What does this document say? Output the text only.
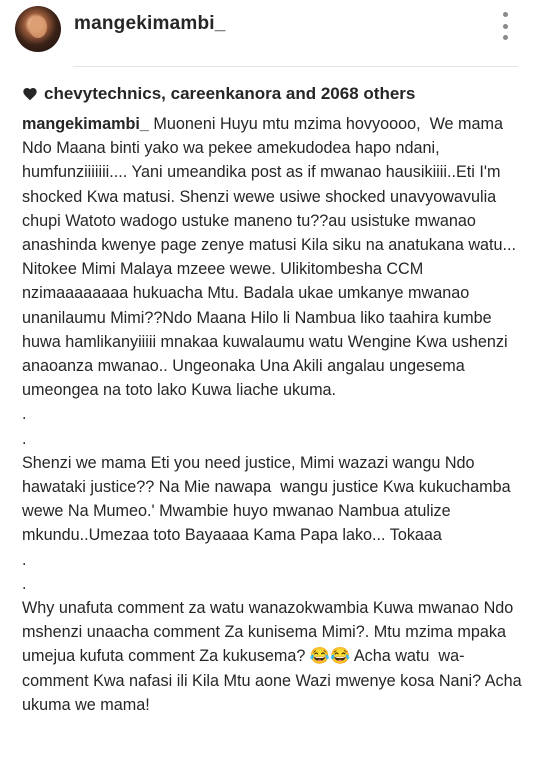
mangekimambi_
chevytechnics, careenkanora and 2068 others
mangekimambi_ Muoneni Huyu mtu mzima hovyoooo,  We mama Ndo Maana binti yako wa pekee amekudodea hapo ndani, humfunziiiiiii.... Yani umeandika post as if mwanao hausikiiii..Eti I'm shocked Kwa matusi. Shenzi wewe usiwe shocked unavyowavulia chupi Watoto wadogo ustuke maneno tu??au usistuke mwanao anashinda kwenye page zenye matusi Kila siku na anatukana watu... Nitokee Mimi Malaya mzeee wewe. Ulikitombesha CCM nzimaaaaaaaa hukuacha Mtu. Badala ukae umkanye mwanao unanilaumu Mimi??Ndo Maana Hilo li Nambua liko taahira kumbe huwa hamlikanyiiiii mnakaa kuwalaumu watu Wengine Kwa ushenzi anaoanza mwanao.. Ungeonaka Una Akili angalau ungesema umeongea na toto lako Kuwa liache ukuma.
.
.
Shenzi we mama Eti you need justice, Mimi wazazi wangu Ndo hawataki justice?? Na Mie nawapa  wangu justice Kwa kukuchamba wewe Na Mumeo.' Mwambie huyo mwanao Nambua atulize mkundu..Umezaa toto Bayaaaa Kama Papa lako... Tokaaa
.
.
Why unafuta comment za watu wanazokwambia Kuwa mwanao Ndo mshenzi unaacha comment Za kunisema Mimi?. Mtu mzima mpaka umejua kufuta comment Za kukusema? 😂😂 Acha watu  wa-comment Kwa nafasi ili Kila Mtu aone Wazi mwenye kosa Nani? Acha ukuma we mama!
